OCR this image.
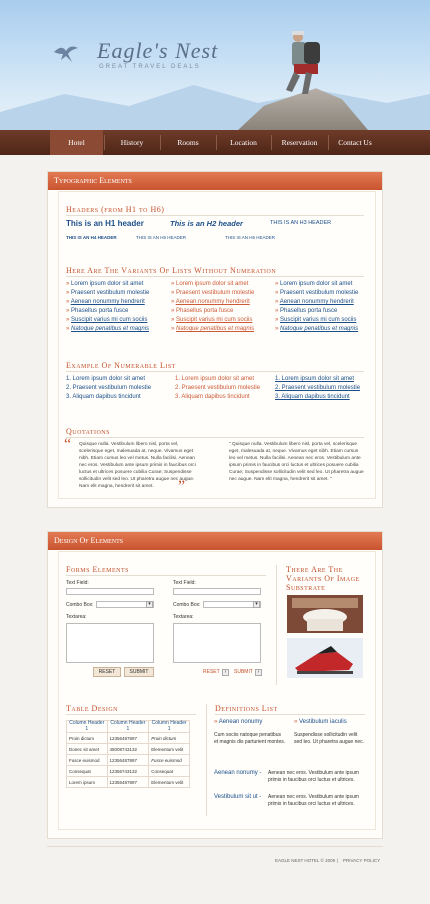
Eagle's Nest
GREAT TRAVEL DEALS
Hotel	History	Rooms	Location	Reservation	Contact Us
Typographic Elements
Headers (from H1 to H6)
This is an H1 header	This is an H2 header	THIS IS AN H3 HEADER
THIS IS AN H4 HEADER	THIS IS AN H5 HEADER	THIS IS AN H6 HEADER
Here Are The Variants Of Lists Without Numeration
» Lorem ipsum dolor sit amet
» Praesent vestibulum molestie
» Aenean nonummy hendrerit
» Phasellus porta fusce
» Suscipit varius mi cum sociis
» Natoque penatibus et magnis
» Lorem ipsum dolor sit amet
» Praesent vestibulum molestie
» Aenean nonummy hendrerit
» Phasellus porta fusce
» Suscipit varius mi cum sociis
» Natoque penatibus et magnis
» Lorem ipsum dolor sit amet
» Praesent vestibulum molestie
» Aenean nonummy hendrerit
» Phasellus porta fusce
» Suscipit varius mi cum sociis
» Natoque penatibus et magnis
Example Of Numerable List
1. Lorem ipsum dolor sit amet
2. Praesent vestibulum molestie
3. Aliquam dapibus tincidunt
1. Lorem ipsum dolor sit amet
2. Praesent vestibulum molestie
3. Aliquam dapibus tincidunt
1. Lorem ipsum dolor sit amet
2. Praesent vestibulum molestie
3. Aliquam dapibus tincidunt
Quotations
“ Quisque nulla. Vestibulum libero nisl, porta vel, scelerisque eget, malesuada at, neque. Vivamus eget nibh. Etiam cursus leo vel metus. Nulla facilisi. Aenean nec eros. Vestibulum ante ipsum primis in faucibus orci luctus et ultrices posuere cubilia Curae; Suspendisse sollicitudin velit sed leo. Ut pharetra augue nec augue. Nam elit magna, hendrerit sit amet.	”
" Quisque nulla. Vestibulum libero nisl, porta vel, scelerisque eget, malesuada at, neque. Vivamus eget nibh. Etiam cursus leo vel metus. Nulla facilisi. Aenean nec eros. Vestibulum ante ipsum primis in faucibus orci luctus et ultrices posuere cubilia Curae; Suspendisse sollicitudin velit sed leo. Ut pharetra augue nec augue. Nam elit magna, hendrerit sit amet. "
Design Of Elements
Forms Elements
Text Field:
Combo Box:	▾
Textarea:
RESET	SUBMIT
Text Field:
Combo Box:	▾
Textarea:
RESET ›	SUBMIT ›
There Are The Variants Of Image Substrate
Table Design
Column Header 1	Column Header 1	Column Header 1
Proin dictum	12356487897	Proin dictum
Donec sit amet	45008743132	Elementum velit
Fusce euismod	12356487897	Fusce euismod
Consequat	12356743132	Consequat
Lorem ipsum	12356487897	Elementum velit
Definitions List
» Aenean nonumy
Cum sociis natoque penatibus et magnis dis parturient montes.
» Vestibulum iaculis
Suspendisse sollicitudin velit sed leo. Ut pharetra augue nec.
Aenean nonumy - Aenean nec eros. Vestibulum ante ipsum primis in faucibus orci luctus et ultrices.
Vestibulum sit ut - Aenean nec eros. Vestibulum ante ipsum primis in faucibus orci luctus et ultrices.
EAGLE NEST HOTEL © 2009 | PRIVACY POLICY
